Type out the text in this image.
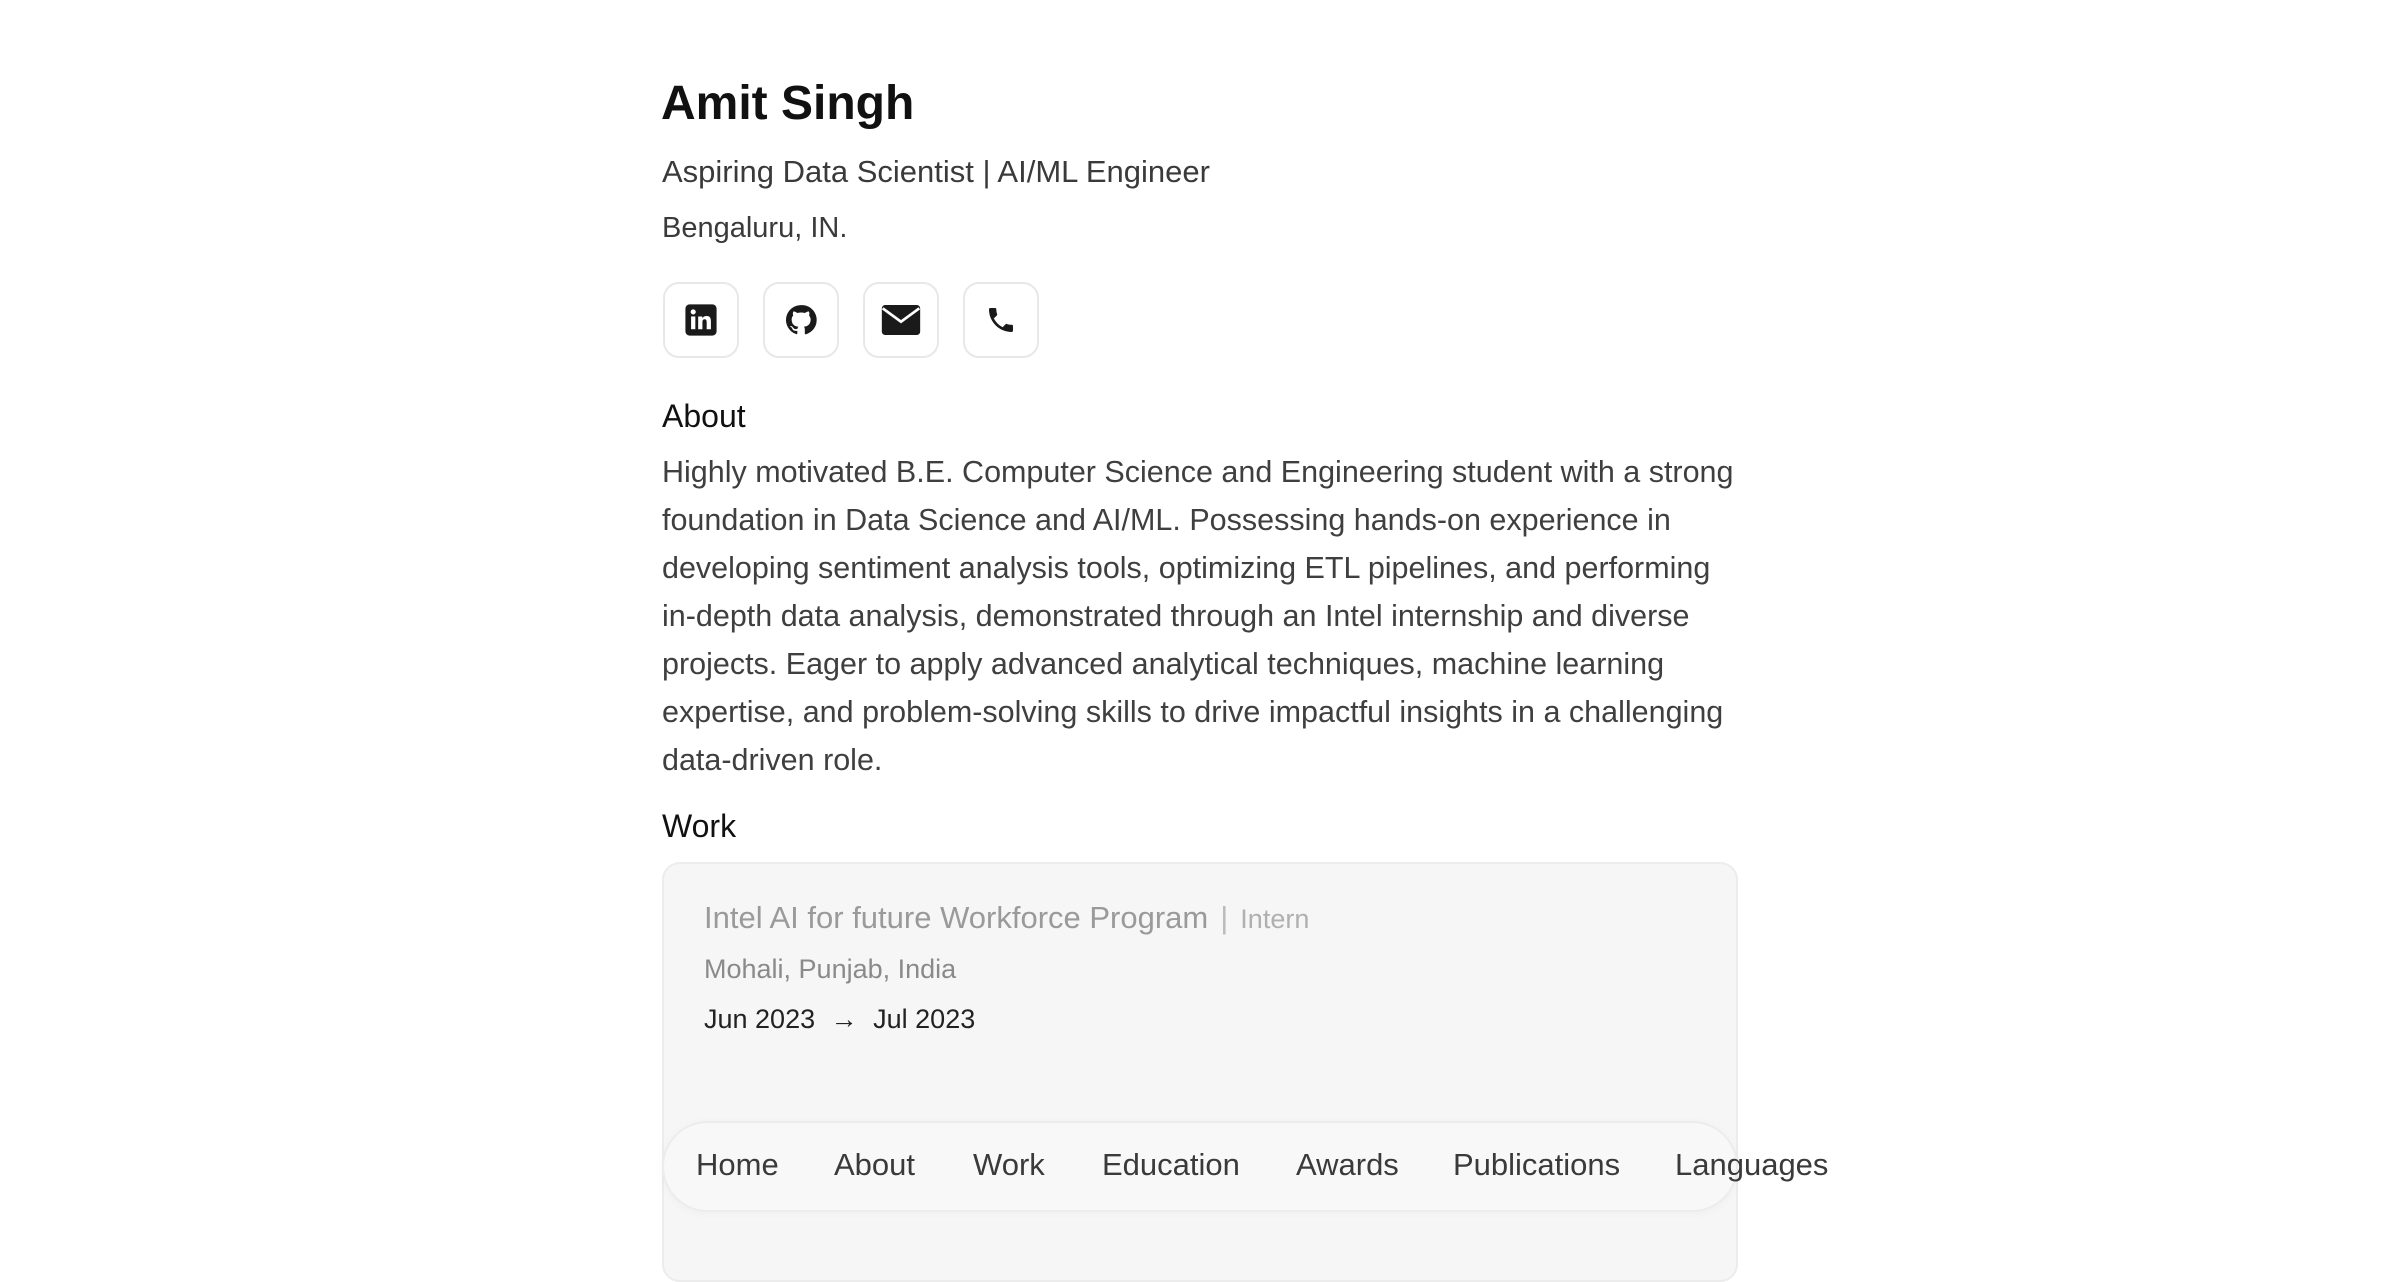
Amit Singh
Aspiring Data Scientist | AI/ML Engineer
Bengaluru, IN.
About

Highly motivated B.E. Computer Science and Engineering student with a strong foundation in Data Science and AI/ML. Possessing hands-on experience in developing sentiment analysis tools, optimizing ETL pipelines, and performing in-depth data analysis, demonstrated through an Intel internship and diverse projects. Eager to apply advanced analytical techniques, machine learning expertise, and problem-solving skills to drive impactful insights in a challenging data-driven role.

Work
Intel AI for future Workforce Program | Intern
Mohali, Punjab, India
Jun 2023 → Jul 2023
Home About Work Education Awards Publications Languages
